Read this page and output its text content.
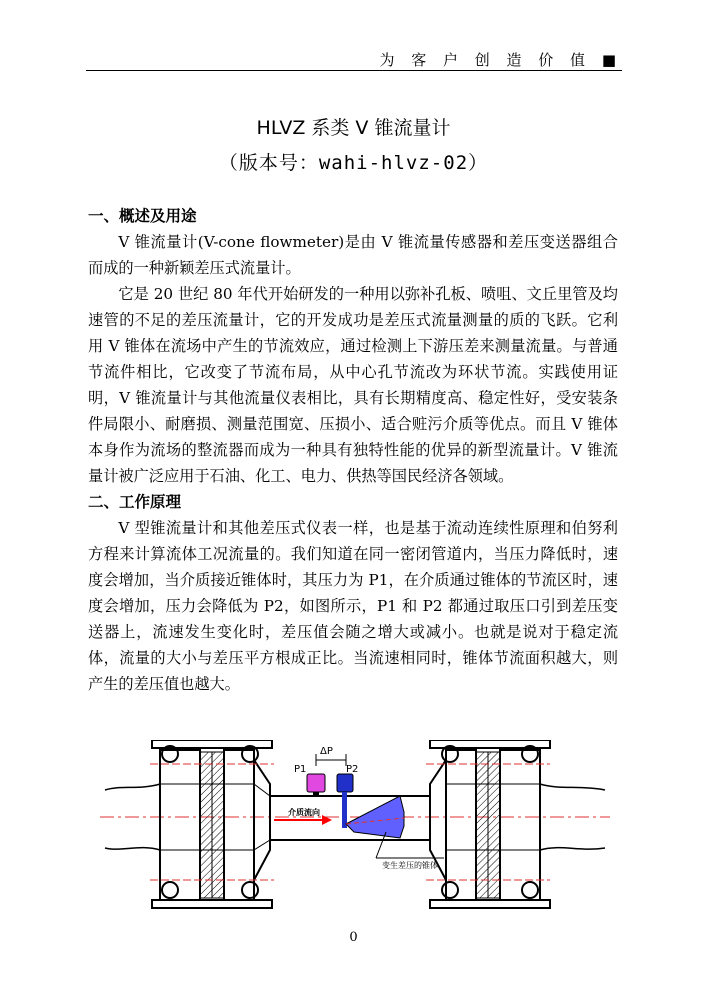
为 客 户 创 造 价 值 ■
HLVZ 系类 V 锥流量计
（版本号：wahi-hlvz-02）
一、概述及用途

V 锥流量计(V-cone flowmeter)是由 V 锥流量传感器和差压变送器组合而成的一种新颖差压式流量计。

它是 20 世纪 80 年代开始研发的一种用以弥补孔板、喷咀、文丘里管及均速管的不足的差压流量计，它的开发成功是差压式流量测量的质的飞跃。它利用 V 锥体在流场中产生的节流效应，通过检测上下游压差来测量流量。与普通节流件相比，它改变了节流布局，从中心孔节流改为环状节流。实践使用证明，V 锥流量计与其他流量仪表相比，具有长期精度高、稳定性好，受安装条件局限小、耐磨损、测量范围宽、压损小、适合赃污介质等优点。而且 V 锥体本身作为流场的整流器而成为一种具有独特性能的优异的新型流量计。V 锥流量计被广泛应用于石油、化工、电力、供热等国民经济各领域。

二、工作原理

V 型锥流量计和其他差压式仪表一样，也是基于流动连续性原理和伯努利方程来计算流体工况流量的。我们知道在同一密闭管道内，当压力降低时，速度会增加，当介质接近锥体时，其压力为 P1，在介质通过锥体的节流区时，速度会增加，压力会降低为 P2，如图所示，P1 和 P2 都通过取压口引到差压变送器上，流速发生变化时，差压值会随之增大或减小。也就是说对于稳定流体，流量的大小与差压平方根成正比。当流速相同时，锥体节流面积越大，则产生的差压值也越大。

ΔP
P1	P2
介质流向
变生差压的锥体
0
